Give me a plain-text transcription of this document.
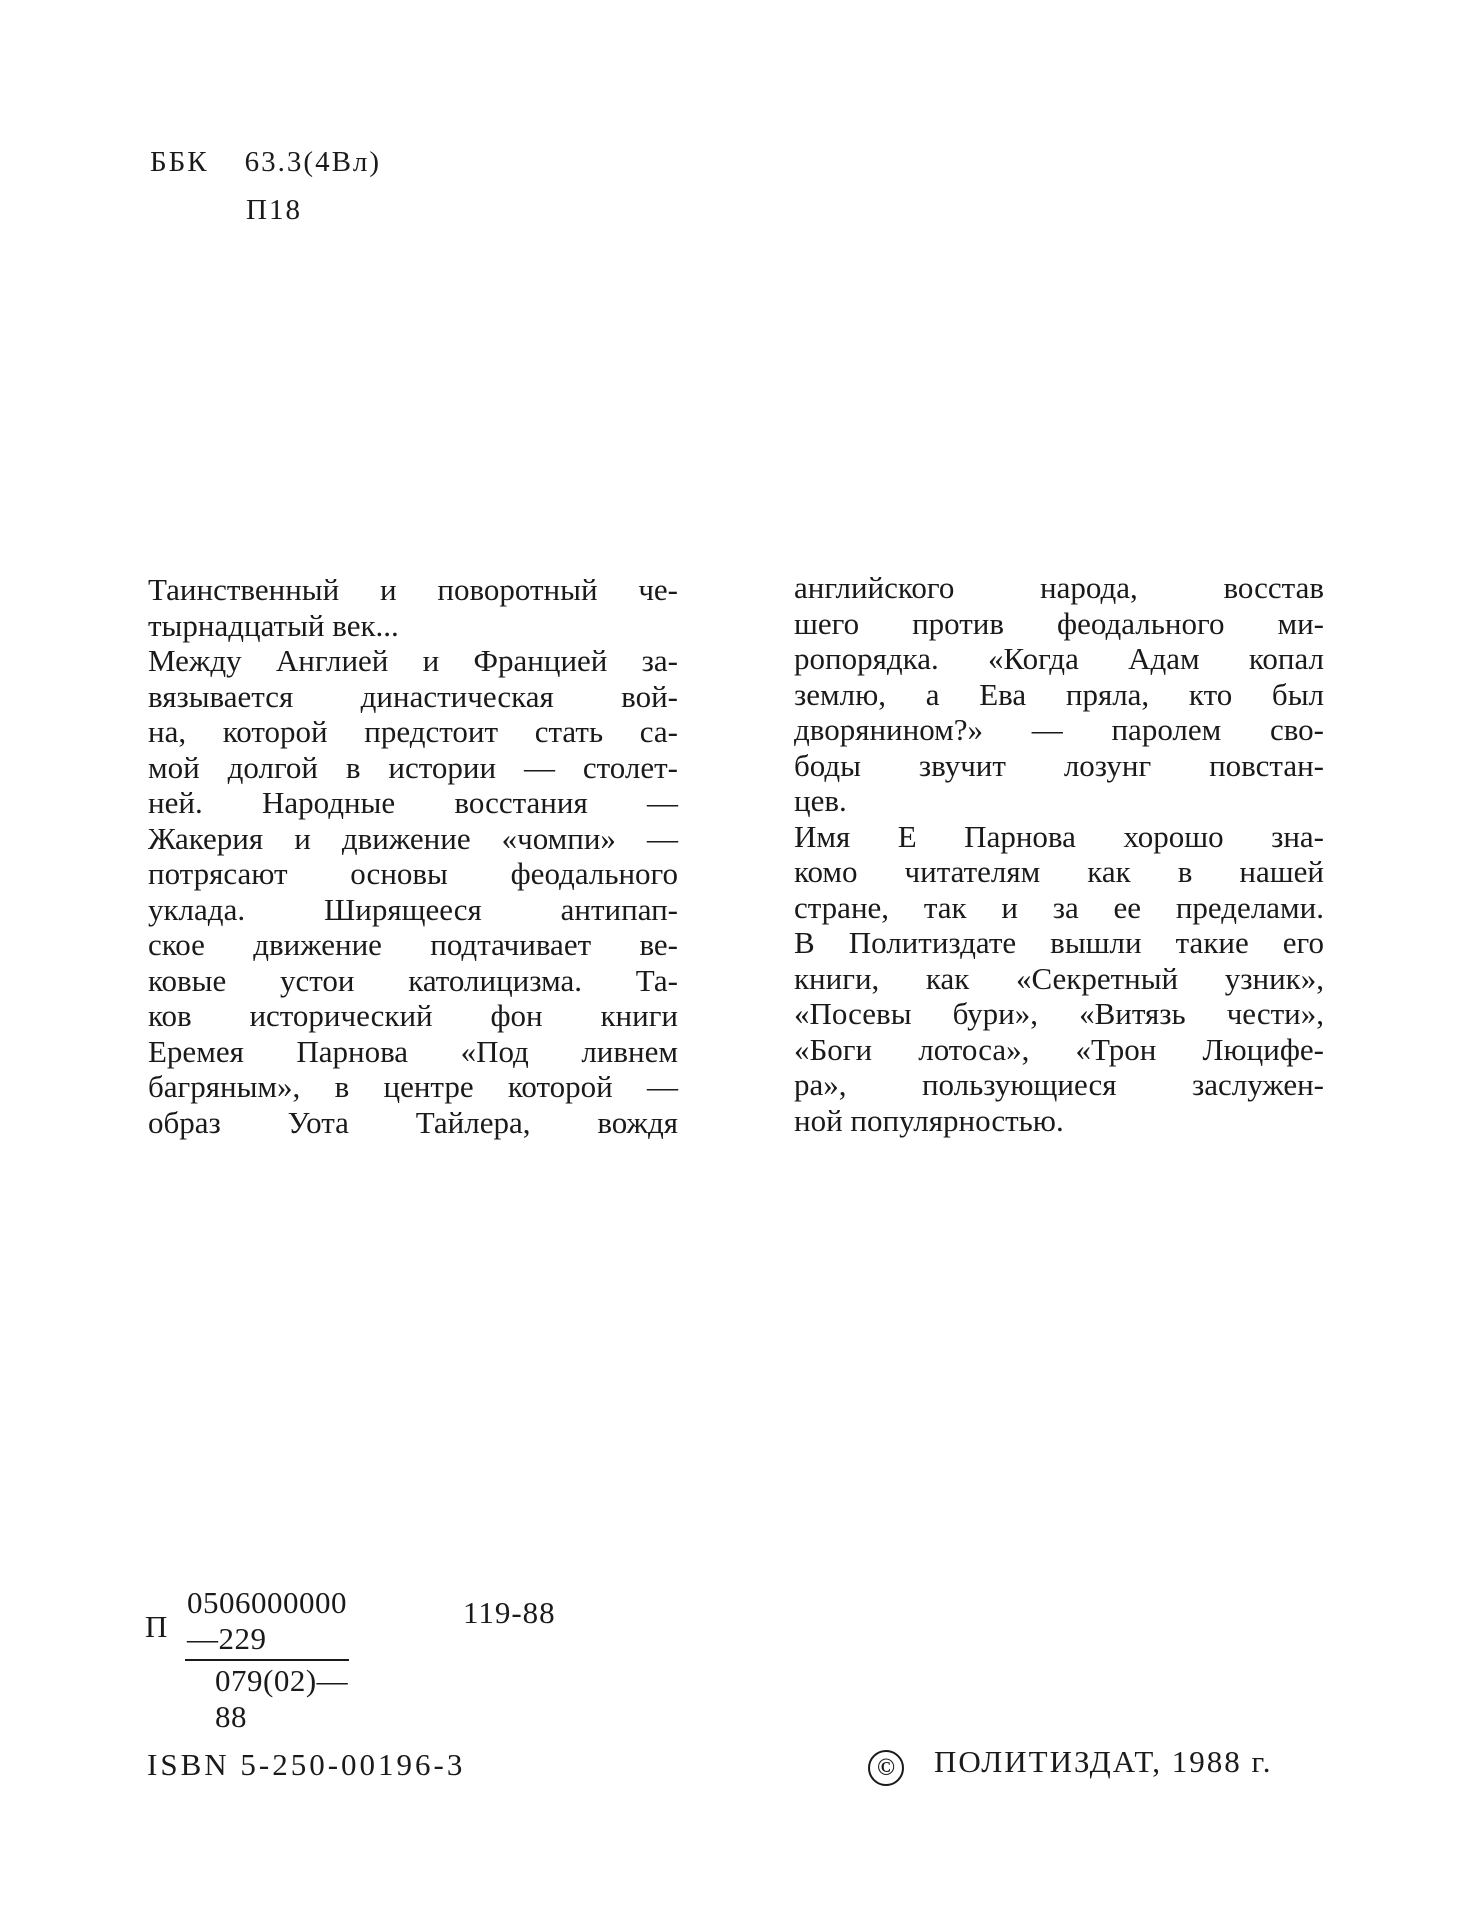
ББК 63.3(4Вл)
П18
Таинственный и поворотный че-
тырнадцатый век...
Между Англией и Францией за-
вязывается династическая вой-
на, которой предстоит стать са-
мой долгой в истории — столет-
ней. Народные восстания —
Жакерия и движение «чомпи» —
потрясают основы феодального
уклада. Ширящееся антипап-
ское движение подтачивает ве-
ковые устои католицизма. Та-
ков исторический фон книги
Еремея Парнова «Под ливнем
багряным», в центре которой —
образ Уота Тайлера, вождя
английского народа, восстав
шего против феодального ми-
ропорядка. «Когда Адам копал
землю, а Ева пряла, кто был
дворянином?» — паролем сво-
боды звучит лозунг повстан-
цев.
Имя Е Парнова хорошо зна-
комо читателям как в нашей
стране, так и за ее пределами.
В Политиздате вышли такие его
книги, как «Секретный узник»,
«Посевы бури», «Витязь чести»,
«Боги лотоса», «Трон Люцифе-
ра», пользующиеся заслужен-
ной популярностью.
П $\frac{0506000000—229}{079(02)—88}$	119-88
ISBN 5-250-00196-3	© ПОЛИТИЗДАТ, 1988 г.
